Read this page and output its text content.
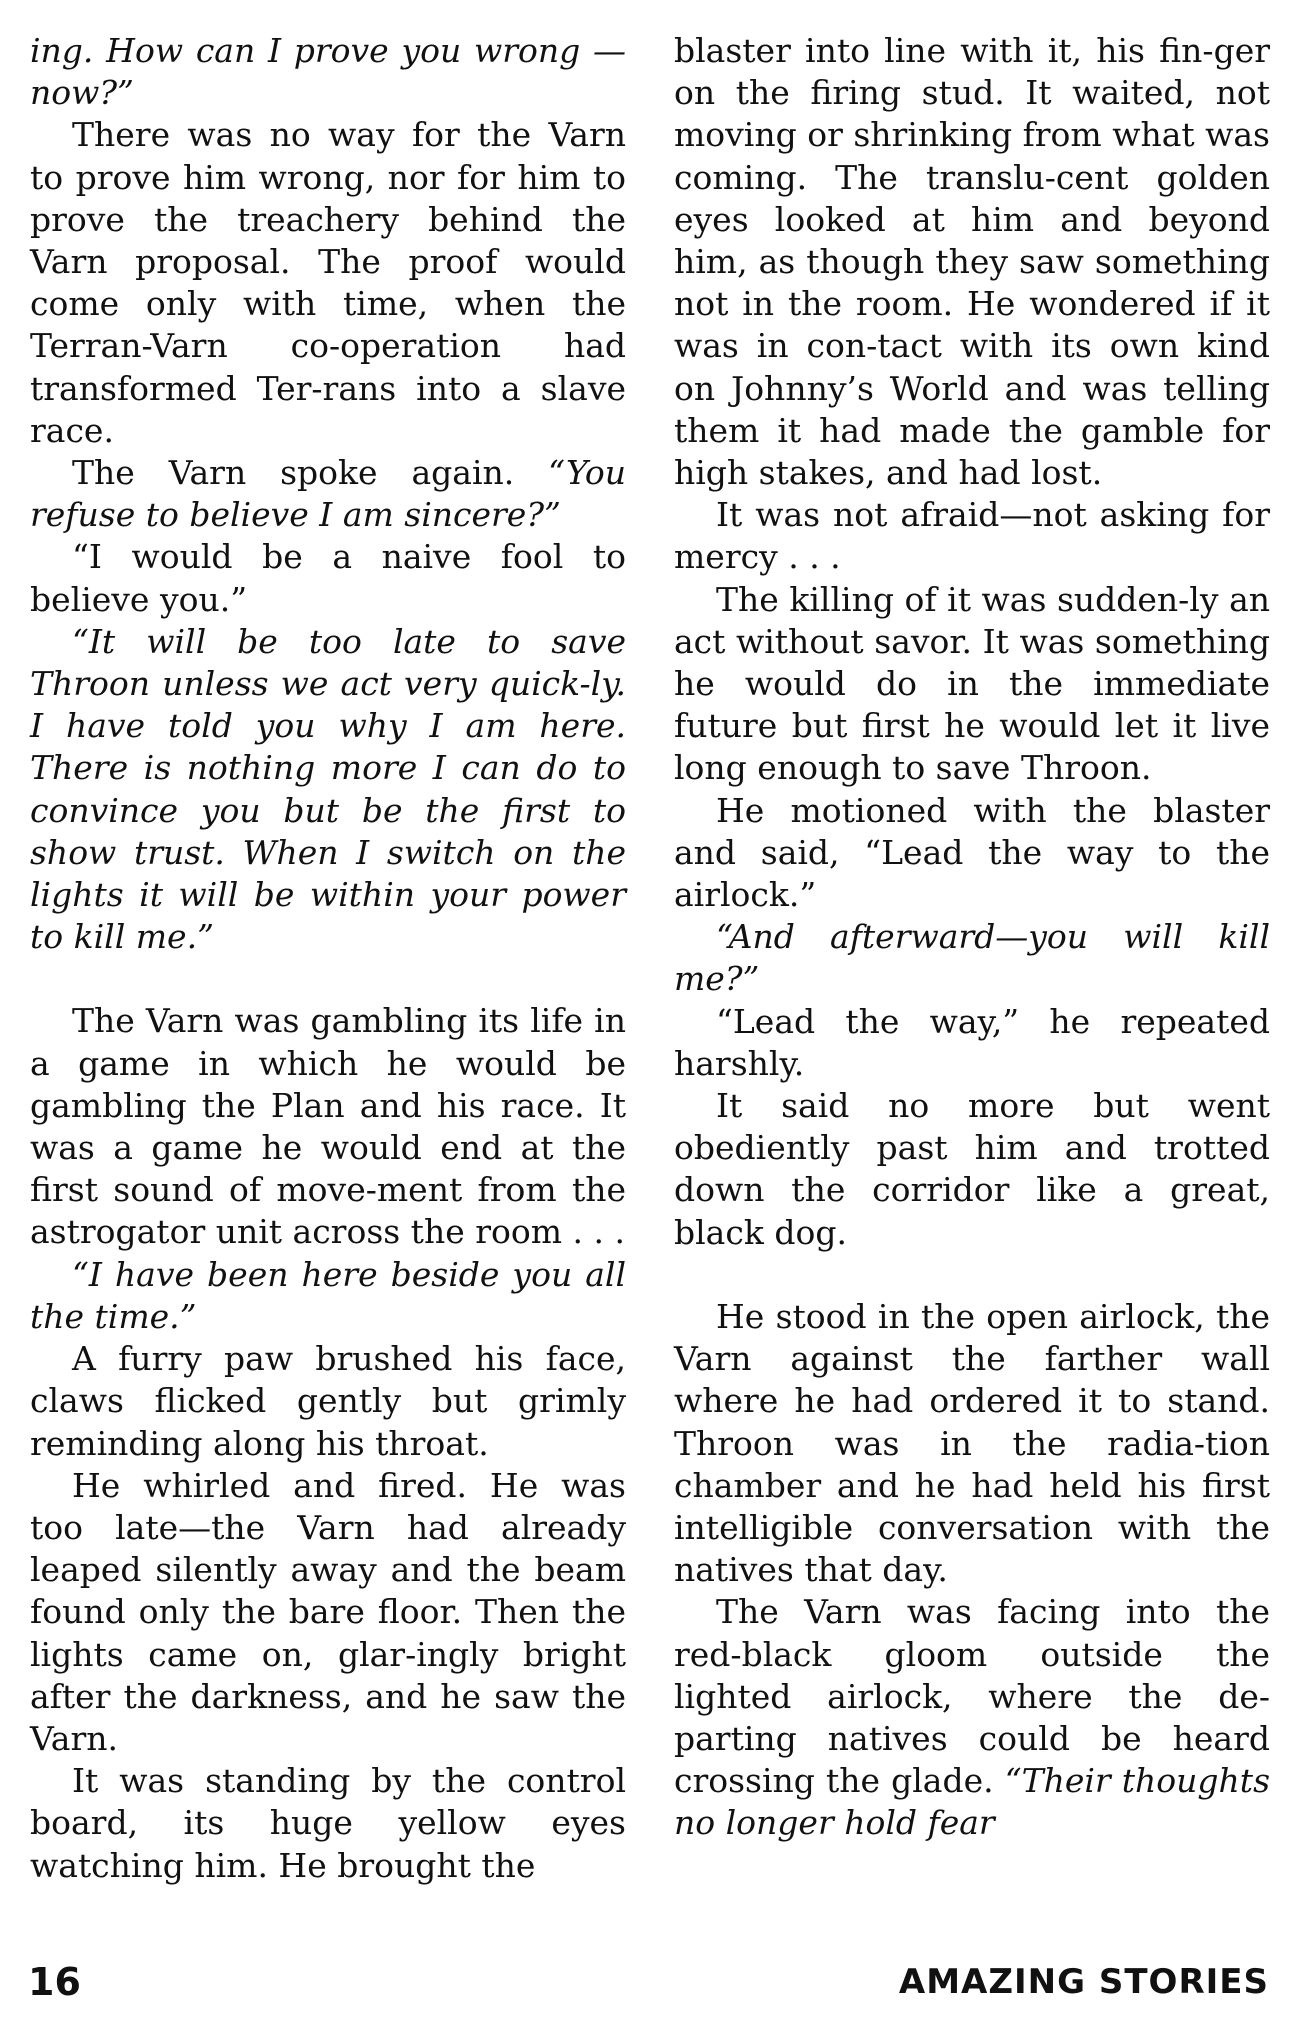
ing. How can I prove you wrong —now?”

There was no way for the Varn to prove him wrong, nor for him to prove the treachery behind the Varn proposal. The proof would come only with time, when the Terran-Varn co-operation had transformed Ter-rans into a slave race.

The Varn spoke again. “You refuse to believe I am sincere?”

“I would be a naive fool to believe you.”

“It will be too late to save Throon unless we act very quick-ly. I have told you why I am here. There is nothing more I can do to convince you but be the first to show trust. When I switch on the lights it will be within your power to kill me.”

The Varn was gambling its life in a game in which he would be gambling the Plan and his race. It was a game he would end at the first sound of move-ment from the astrogator unit across the room . . .

“I have been here beside you all the time.”

A furry paw brushed his face, claws flicked gently but grimly reminding along his throat.

He whirled and fired. He was too late—the Varn had already leaped silently away and the beam found only the bare floor. Then the lights came on, glar-ingly bright after the darkness, and he saw the Varn.

It was standing by the control board, its huge yellow eyes watching him. He brought the

blaster into line with it, his fin-ger on the firing stud. It waited, not moving or shrinking from what was coming. The translu-cent golden eyes looked at him and beyond him, as though they saw something not in the room. He wondered if it was in con-tact with its own kind on Johnny’s World and was telling them it had made the gamble for high stakes, and had lost.

It was not afraid—not asking for mercy . . .

The killing of it was sudden-ly an act without savor. It was something he would do in the immediate future but first he would let it live long enough to save Throon.

He motioned with the blaster and said, “Lead the way to the airlock.”

“And afterward—you will kill me?”

“Lead the way,” he repeated harshly.

It said no more but went obediently past him and trotted down the corridor like a great, black dog.

He stood in the open airlock, the Varn against the farther wall where he had ordered it to stand. Throon was in the radia-tion chamber and he had held his first intelligible conversation with the natives that day.

The Varn was facing into the red-black gloom outside the lighted airlock, where the de-parting natives could be heard crossing the glade. “Their thoughts no longer hold fear

16	AMAZING STORIES
